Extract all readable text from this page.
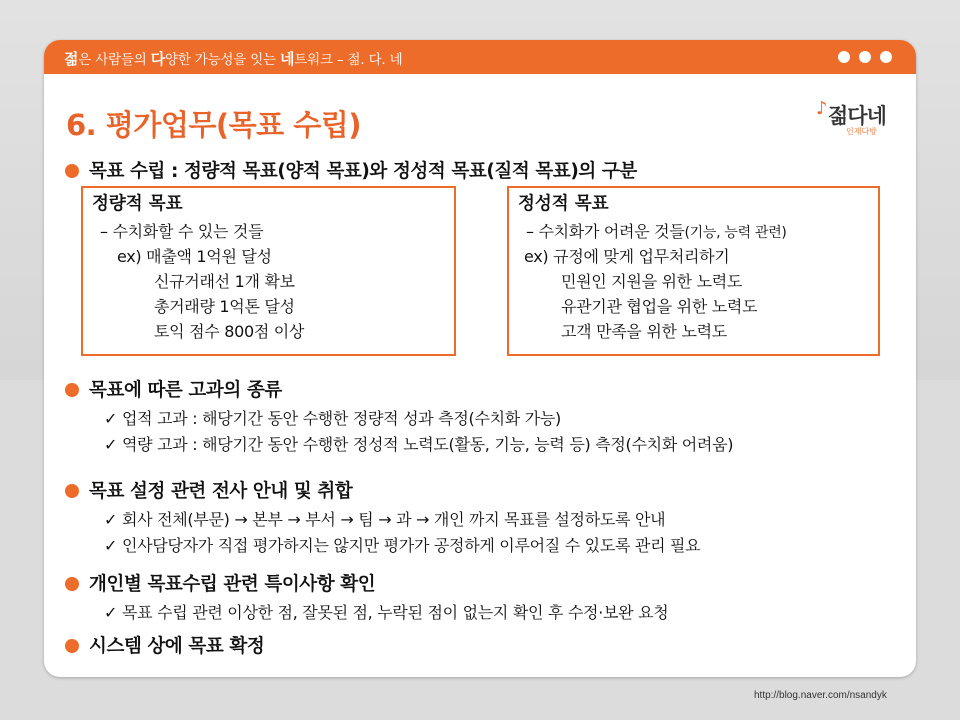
젊은 사람들의 다양한 가능성을 잇는 네트워크 – 젊. 다. 네
6. 평가업무(목표 수립)	♪ 젊다네
인재다방
목표 수립 : 정량적 목표(양적 목표)와 정성적 목표(질적 목표)의 구분
정량적 목표
– 수치화할 수 있는 것들
ex) 매출액 1억원 달성
신규거래선 1개 확보
총거래량 1억톤 달성
토익 점수 800점 이상
정성적 목표
– 수치화가 어려운 것들(기능, 능력 관련)
ex) 규정에 맞게 업무처리하기
민원인 지원을 위한 노력도
유관기관 협업을 위한 노력도
고객 만족을 위한 노력도
목표에 따른 고과의 종류
✓ 업적 고과 : 해당기간 동안 수행한 정량적 성과 측정(수치화 가능)
✓ 역량 고과 : 해당기간 동안 수행한 정성적 노력도(활동, 기능, 능력 등) 측정(수치화 어려움)
목표 설정 관련 전사 안내 및 취합
✓ 회사 전체(부문) → 본부 → 부서 → 팀 → 과 → 개인 까지 목표를 설정하도록 안내
✓ 인사담당자가 직접 평가하지는 않지만 평가가 공정하게 이루어질 수 있도록 관리 필요
개인별 목표수립 관련 특이사항 확인
✓ 목표 수립 관련 이상한 점, 잘못된 점, 누락된 점이 없는지 확인 후 수정·보완 요청
시스템 상에 목표 확정
http://blog.naver.com/nsandyk
